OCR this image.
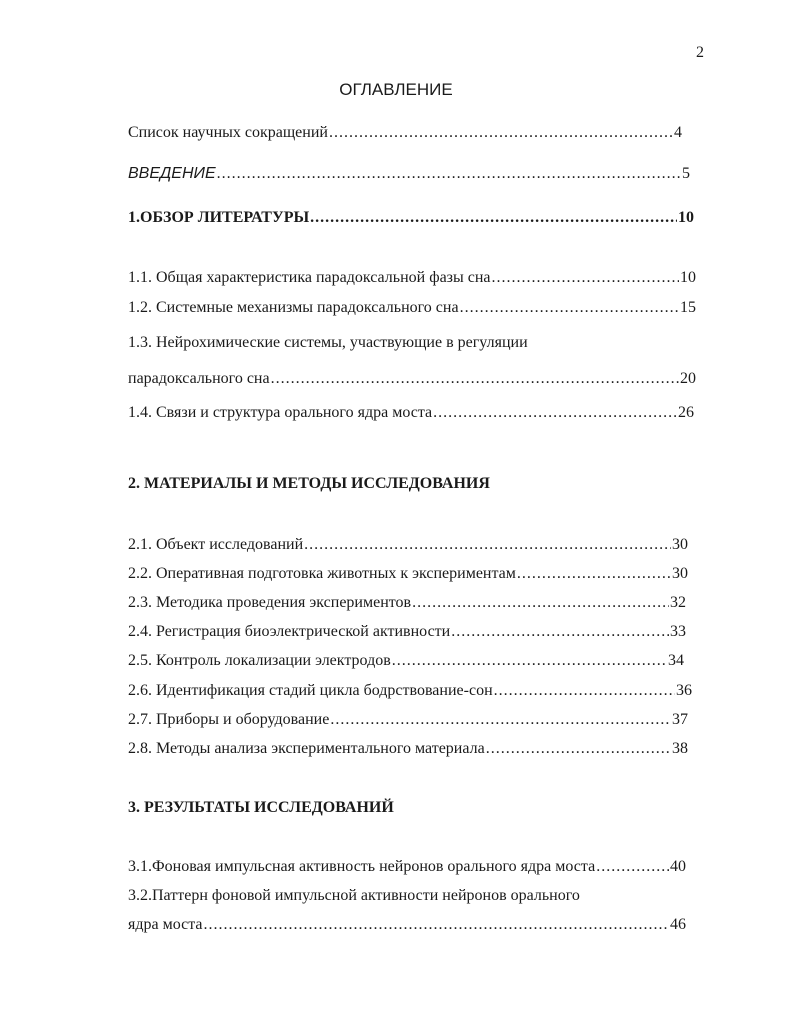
2
ОГЛАВЛЕНИЕ
Список научных сокращений .....	4
ВВЕДЕНИЕ .....	5
1.ОБЗОР ЛИТЕРАТУРЫ .....	10
1.1. Общая характеристика парадоксальной фазы сна .....	10
1.2. Системные механизмы парадоксального сна .....	15
1.3. Нейрохимические системы, участвующие в регуляции
парадоксального сна .....	20
1.4. Связи и структура орального ядра моста .....	26
2. МАТЕРИАЛЫ И МЕТОДЫ ИССЛЕДОВАНИЯ
2.1. Объект исследований .....	30
2.2. Оперативная подготовка животных к экспериментам .....	30
2.3. Методика проведения экспериментов .....	32
2.4. Регистрация биоэлектрической активности .....	33
2.5. Контроль локализации электродов .....	34
2.6. Идентификация стадий цикла бодрствование-сон .....	36
2.7. Приборы и оборудование .....	37
2.8. Методы анализа экспериментального материала .....	38
3. РЕЗУЛЬТАТЫ ИССЛЕДОВАНИЙ
3.1.Фоновая импульсная активность нейронов орального ядра моста .....	40
3.2.Паттерн фоновой импульсной активности нейронов орального
ядра моста .....	46
